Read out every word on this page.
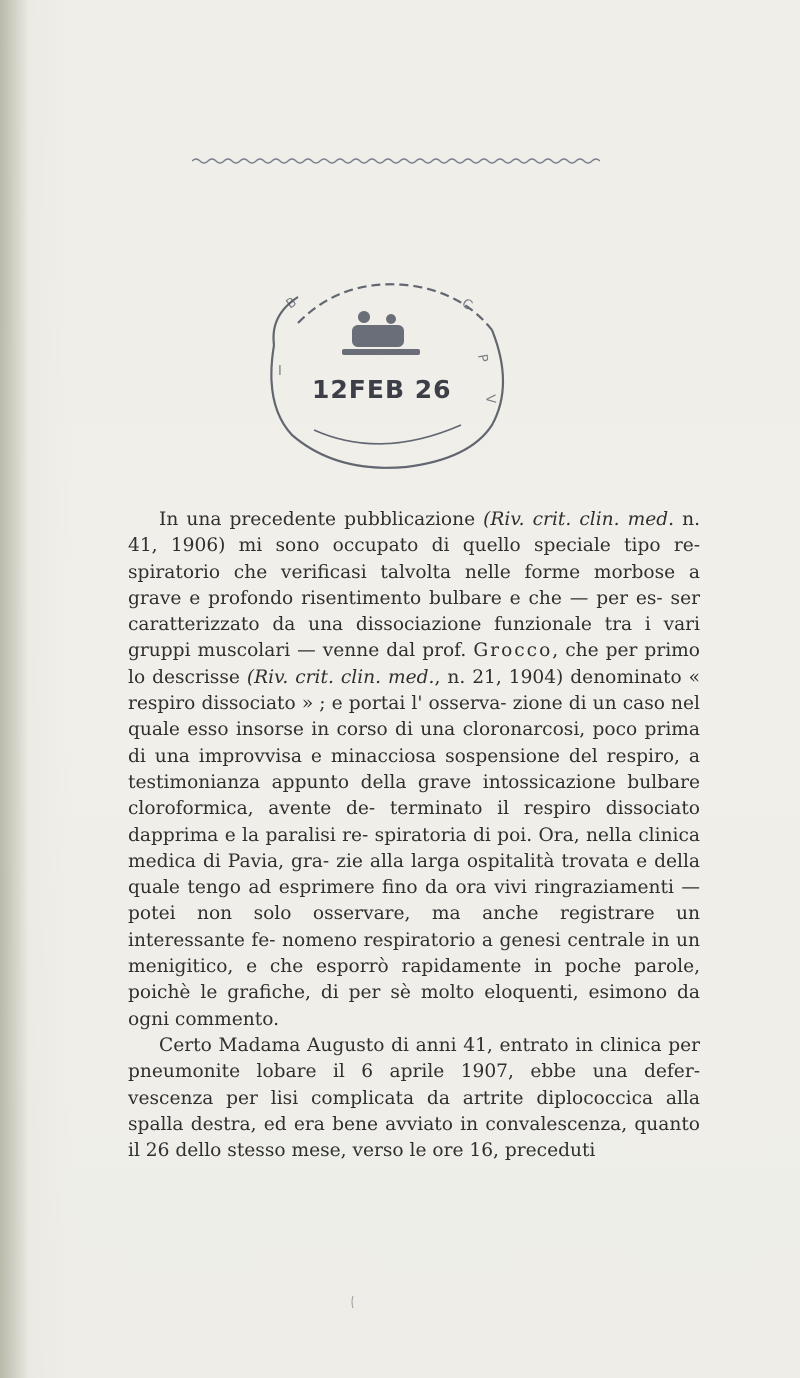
B	C
P
V
Ⅰ
12FEB 26

In una precedente pubblicazione (Riv. crit. clin. med. n. 41, 1906) mi sono occupato di quello speciale tipo re- spiratorio che verificasi talvolta nelle forme morbose a grave e profondo risentimento bulbare e che — per es- ser caratterizzato da una dissociazione funzionale tra i vari gruppi muscolari — venne dal prof. Grocco, che per primo lo descrisse (Riv. crit. clin. med., n. 21, 1904) denominato « respiro dissociato » ; e portai l' osserva- zione di un caso nel quale esso insorse in corso di una cloronarcosi, poco prima di una improvvisa e minacciosa sospensione del respiro, a testimonianza appunto della grave intossicazione bulbare cloroformica, avente de- terminato il respiro dissociato dapprima e la paralisi re- spiratoria di poi. Ora, nella clinica medica di Pavia, gra- zie alla larga ospitalità trovata e della quale tengo ad esprimere fino da ora vivi ringraziamenti — potei non solo osservare, ma anche registrare un interessante fe- nomeno respiratorio a genesi centrale in un menigitico, e che esporrò rapidamente in poche parole, poichè le grafiche, di per sè molto eloquenti, esimono da ogni commento.

Certo Madama Augusto di anni 41, entrato in clinica per pneumonite lobare il 6 aprile 1907, ebbe una defer- vescenza per lisi complicata da artrite diplococcica alla spalla destra, ed era bene avviato in convalescenza, quanto il 26 dello stesso mese, verso le ore 16, preceduti
